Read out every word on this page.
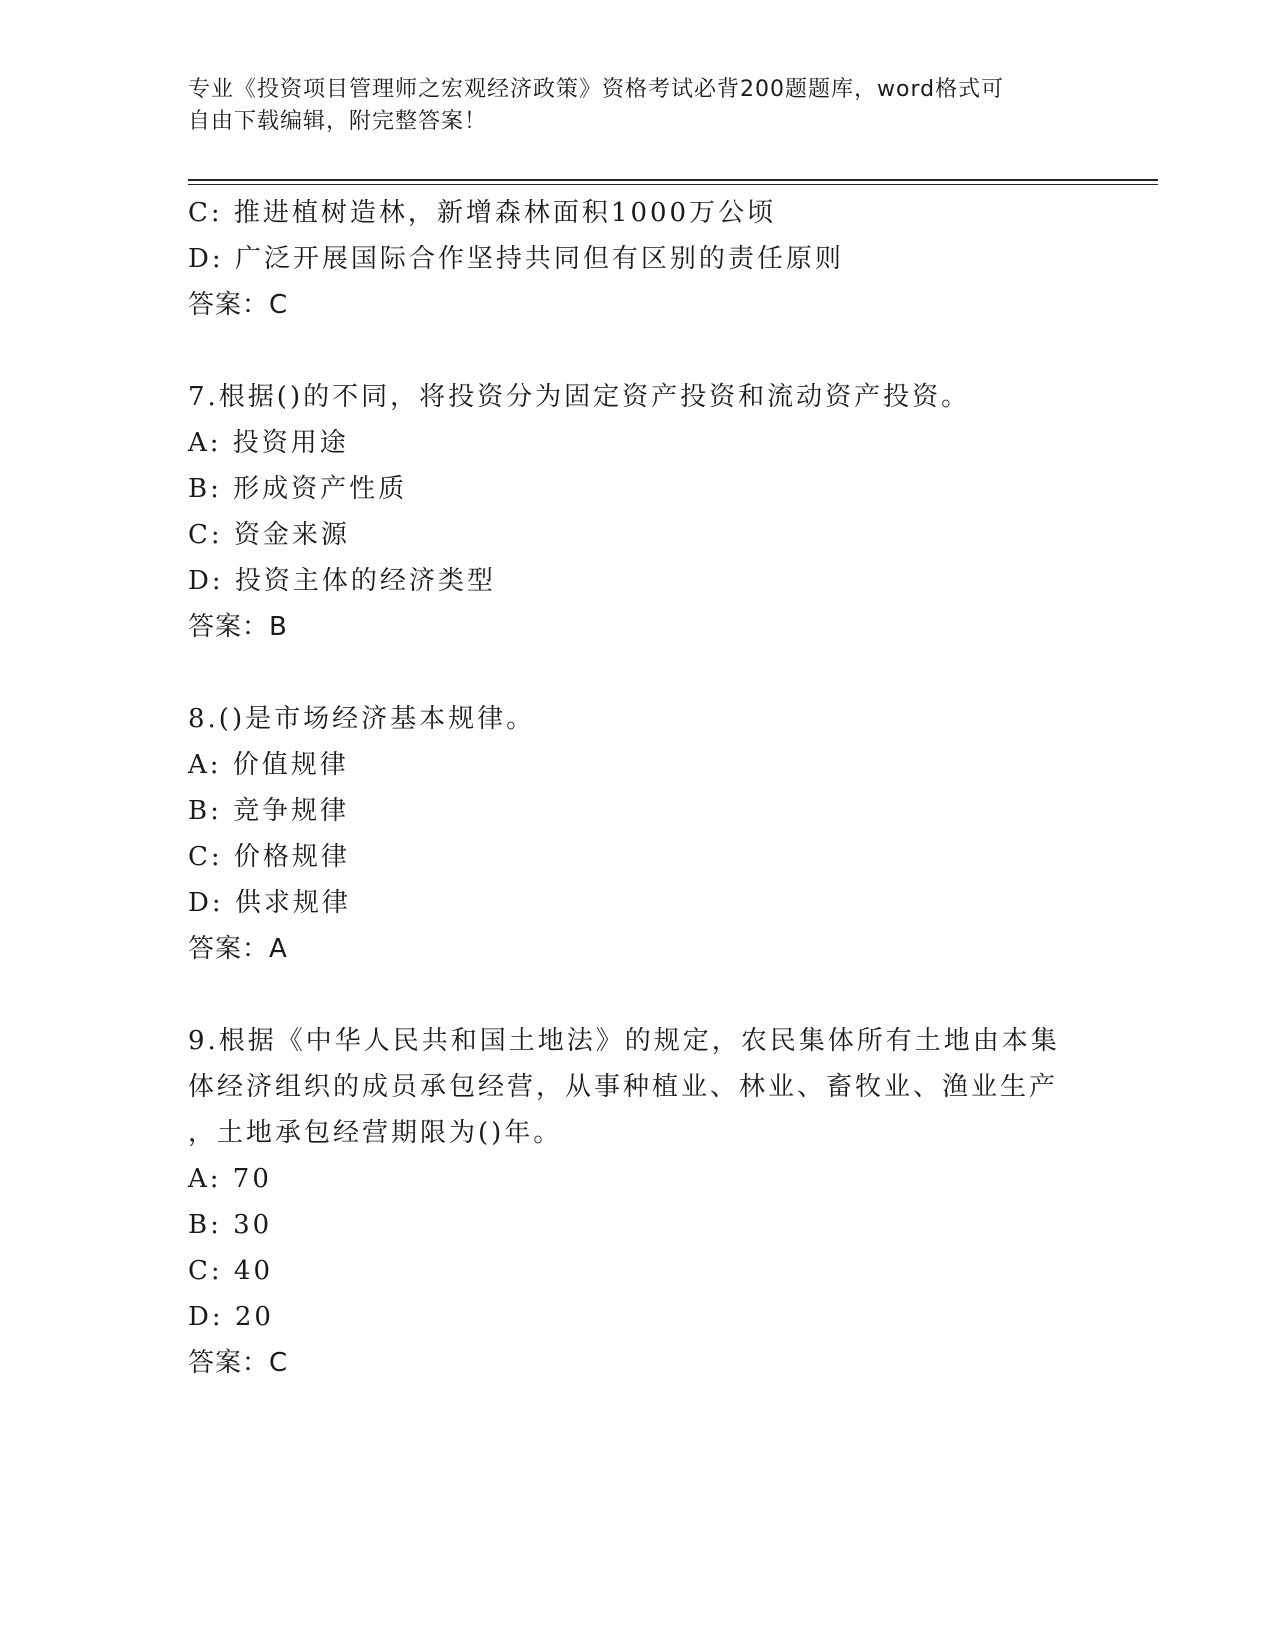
专业《投资项目管理师之宏观经济政策》资格考试必背200题题库，word格式可
自由下载编辑，附完整答案！
C: 推进植树造林，新增森林面积1000万公顷
D: 广泛开展国际合作坚持共同但有区别的责任原则
答案：C
7.根据()的不同，将投资分为固定资产投资和流动资产投资。
A: 投资用途
B: 形成资产性质
C: 资金来源
D: 投资主体的经济类型
答案：B
8.()是市场经济基本规律。
A: 价值规律
B: 竞争规律
C: 价格规律
D: 供求规律
答案：A
9.根据《中华人民共和国土地法》的规定，农民集体所有土地由本集
体经济组织的成员承包经营，从事种植业、林业、畜牧业、渔业生产
，土地承包经营期限为()年。
A: 70
B: 30
C: 40
D: 20
答案：C
